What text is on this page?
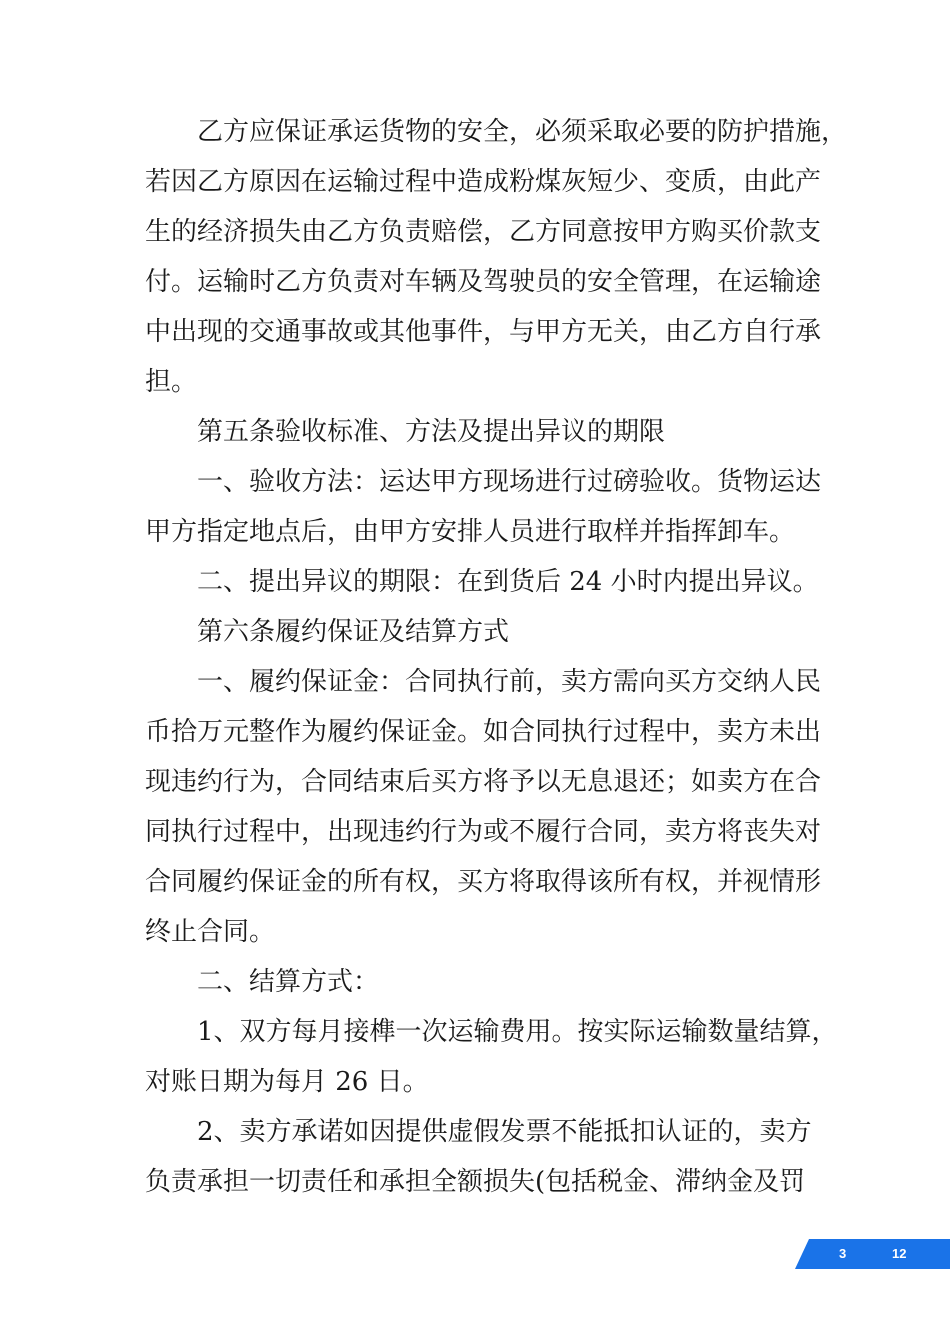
　　乙方应保证承运货物的安全，必须采取必要的防护措施，
若因乙方原因在运输过程中造成粉煤灰短少、变质，由此产
生的经济损失由乙方负责赔偿，乙方同意按甲方购买价款支
付。运输时乙方负责对车辆及驾驶员的安全管理，在运输途
中出现的交通事故或其他事件，与甲方无关，由乙方自行承
担。
　　第五条验收标准、方法及提出异议的期限
　　一、验收方法：运达甲方现场进行过磅验收。货物运达
甲方指定地点后，由甲方安排人员进行取样并指挥卸车。
　　二、提出异议的期限：在到货后 24 小时内提出异议。
　　第六条履约保证及结算方式
　　一、履约保证金：合同执行前，卖方需向买方交纳人民
币拾万元整作为履约保证金。如合同执行过程中，卖方未出
现违约行为，合同结束后买方将予以无息退还；如卖方在合
同执行过程中，出现违约行为或不履行合同，卖方将丧失对
合同履约保证金的所有权，买方将取得该所有权，并视情形
终止合同。
　　二、结算方式：
　　1、双方每月接榫一次运输费用。按实际运输数量结算，
对账日期为每月 26 日。
　　2、卖方承诺如因提供虚假发票不能抵扣认证的，卖方
负责承担一切责任和承担全额损失(包括税金、滞纳金及罚
3	12
